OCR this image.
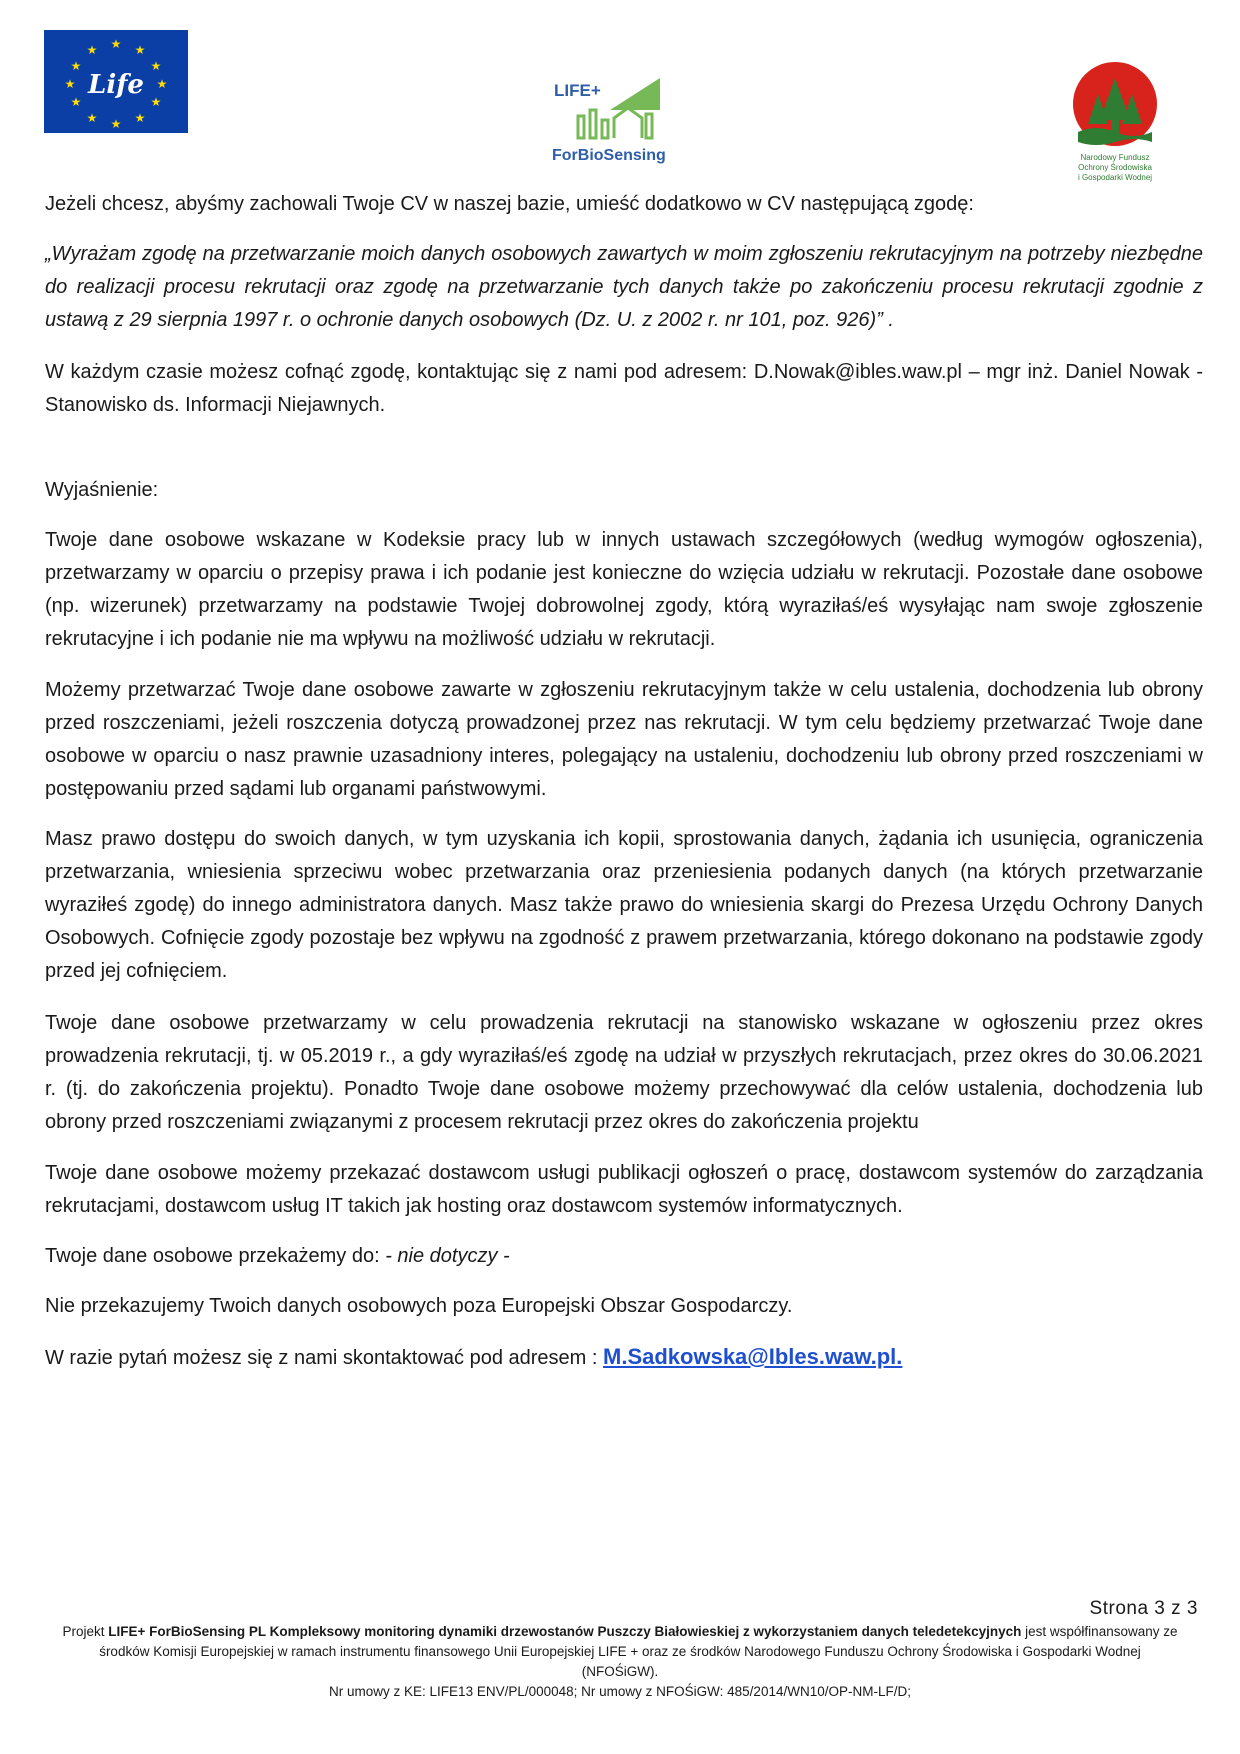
★ ★
★
★
★
★
★
★
★
★
★
★
Life	LIFE+
ForBioSensing	Narodowy Fundusz
Ochrony Środowiska
i Gospodarki Wodnej

Jeżeli chcesz, abyśmy zachowali Twoje CV w naszej bazie, umieść dodatkowo w CV następującą zgodę:

„Wyrażam zgodę na przetwarzanie moich danych osobowych zawartych w moim zgłoszeniu rekrutacyjnym na potrzeby niezbędne do realizacji procesu rekrutacji oraz zgodę na przetwarzanie tych danych także po zakończeniu procesu rekrutacji zgodnie z ustawą z 29 sierpnia 1997 r. o ochronie danych osobowych (Dz. U. z 2002 r. nr 101, poz. 926)” .

W każdym czasie możesz cofnąć zgodę, kontaktując się z nami pod adresem: D.Nowak@ibles.waw.pl – mgr inż. Daniel Nowak - Stanowisko ds. Informacji Niejawnych.

Wyjaśnienie:

Twoje dane osobowe wskazane w Kodeksie pracy lub w innych ustawach szczegółowych (według wymogów ogłoszenia), przetwarzamy w oparciu o przepisy prawa i ich podanie jest konieczne do wzięcia udziału w rekrutacji. Pozostałe dane osobowe (np. wizerunek) przetwarzamy na podstawie Twojej dobrowolnej zgody, którą wyraziłaś/eś wysyłając nam swoje zgłoszenie rekrutacyjne i ich podanie nie ma wpływu na możliwość udziału w rekrutacji.

Możemy przetwarzać Twoje dane osobowe zawarte w zgłoszeniu rekrutacyjnym także w celu ustalenia, dochodzenia lub obrony przed roszczeniami, jeżeli roszczenia dotyczą prowadzonej przez nas rekrutacji. W tym celu będziemy przetwarzać Twoje dane osobowe w oparciu o nasz prawnie uzasadniony interes, polegający na ustaleniu, dochodzeniu lub obrony przed roszczeniami w postępowaniu przed sądami lub organami państwowymi.

Masz prawo dostępu do swoich danych, w tym uzyskania ich kopii, sprostowania danych, żądania ich usunięcia, ograniczenia przetwarzania, wniesienia sprzeciwu wobec przetwarzania oraz przeniesienia podanych danych (na których przetwarzanie wyraziłeś zgodę) do innego administratora danych. Masz także prawo do wniesienia skargi do Prezesa Urzędu Ochrony Danych Osobowych. Cofnięcie zgody pozostaje bez wpływu na zgodność z prawem przetwarzania, którego dokonano na podstawie zgody przed jej cofnięciem.

Twoje dane osobowe przetwarzamy w celu prowadzenia rekrutacji na stanowisko wskazane w ogłoszeniu przez okres prowadzenia rekrutacji, tj. w 05.2019 r., a gdy wyraziłaś/eś zgodę na udział w przyszłych rekrutacjach, przez okres do 30.06.2021 r. (tj. do zakończenia projektu). Ponadto Twoje dane osobowe możemy przechowywać dla celów ustalenia, dochodzenia lub obrony przed roszczeniami związanymi z procesem rekrutacji przez okres do zakończenia projektu

Twoje dane osobowe możemy przekazać dostawcom usługi publikacji ogłoszeń o pracę, dostawcom systemów do zarządzania rekrutacjami, dostawcom usług IT takich jak hosting oraz dostawcom systemów informatycznych.

Twoje dane osobowe przekażemy do: - nie dotyczy -

Nie przekazujemy Twoich danych osobowych poza Europejski Obszar Gospodarczy.

W razie pytań możesz się z nami skontaktować pod adresem : M.Sadkowska@Ibles.waw.pl.

Strona 3 z 3
Projekt LIFE+ ForBioSensing PL Kompleksowy monitoring dynamiki drzewostanów Puszczy Białowieskiej z wykorzystaniem danych teledetekcyjnych jest współfinansowany ze środków Komisji Europejskiej w ramach instrumentu finansowego Unii Europejskiej LIFE + oraz ze środków Narodowego Funduszu Ochrony Środowiska i Gospodarki Wodnej (NFOŚiGW).
Nr umowy z KE: LIFE13 ENV/PL/000048; Nr umowy z NFOŚiGW: 485/2014/WN10/OP-NM-LF/D;
